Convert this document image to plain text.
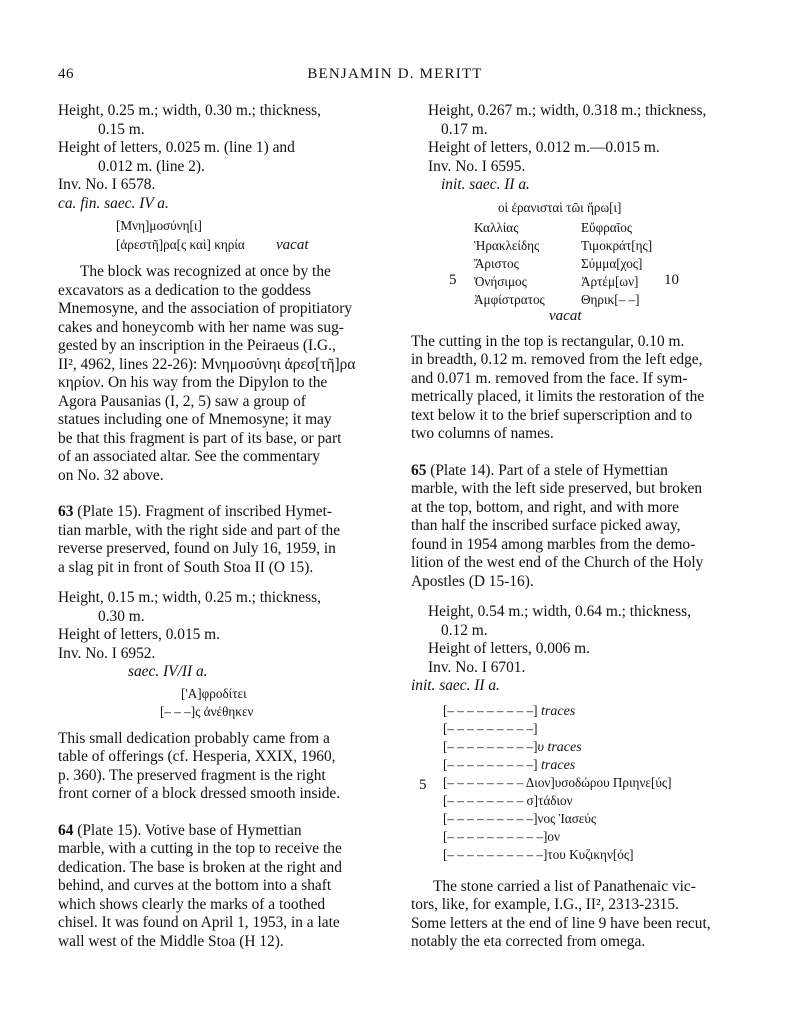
46	BENJAMIN D. MERITT

Height, 0.25 m.; width, 0.30 m.; thickness,

0.15 m.

Height of letters, 0.025 m. (line 1) and

0.012 m. (line 2).

Inv. No. I 6578.

ca. fin. saec. IV a.

[Μνη]μοσύνη[ι]
[ἀρεστῆ]ρα[ς καὶ] κηρία vacat

The block was recognized at once by the

excavators as a dedication to the goddess

Mnemosyne, and the association of propitiatory

cakes and honeycomb with her name was sug-

gested by an inscription in the Peiraeus (I.G.,

II², 4962, lines 22-26): Μνημοσύνηι ἀρεσ[τῆ]ρα

κηρίον. On his way from the Dipylon to the

Agora Pausanias (I, 2, 5) saw a group of

statues including one of Mnemosyne; it may

be that this fragment is part of its base, or part

of an associated altar. See the commentary

on No. 32 above.

63 (Plate 15). Fragment of inscribed Hymet-

tian marble, with the right side and part of the

reverse preserved, found on July 16, 1959, in

a slag pit in front of South Stoa II (O 15).

Height, 0.15 m.; width, 0.25 m.; thickness,

0.30 m.

Height of letters, 0.015 m.

Inv. No. I 6952.

saec. IV/II a.

['Α]φροδίτει
[– – –]ς ἀνέθηκεν

This small dedication probably came from a

table of offerings (cf. Hesperia, XXIX, 1960,

p. 360). The preserved fragment is the right

front corner of a block dressed smooth inside.

64 (Plate 15). Votive base of Hymettian

marble, with a cutting in the top to receive the

dedication. The base is broken at the right and

behind, and curves at the bottom into a shaft

which shows clearly the marks of a toothed

chisel. It was found on April 1, 1953, in a late

wall west of the Middle Stoa (H 12).

Height, 0.267 m.; width, 0.318 m.; thickness,

0.17 m.

Height of letters, 0.012 m.—0.015 m.

Inv. No. I 6595.

init. saec. II a.

οἱ ἐρανισταὶ τῶι ἥρω[ι]
Καλλίας
Ἡρακλείδης
Ἄριστος
Ὀνήσιμος
Ἀμφίστρατος
Εὔφραῖος
Τιμοκράτ[ης]
Σύμμα[χος]
Ἀρτέμ[ων]
Θηρικ[– –]
5	10
vacat

The cutting in the top is rectangular, 0.10 m.

in breadth, 0.12 m. removed from the left edge,

and 0.071 m. removed from the face. If sym-

metrically placed, it limits the restoration of the

text below it to the brief superscription and to

two columns of names.

65 (Plate 14). Part of a stele of Hymettian

marble, with the left side preserved, but broken

at the top, bottom, and right, and with more

than half the inscribed surface picked away,

found in 1954 among marbles from the demo-

lition of the west end of the Church of the Holy

Apostles (D 15-16).

Height, 0.54 m.; width, 0.64 m.; thickness,

0.12 m.

Height of letters, 0.006 m.

Inv. No. I 6701.

init. saec. II a.

5
[– – – – – – – – –] traces
[– – – – – – – – –]
[– – – – – – – – –]υ traces
[– – – – – – – – –] traces
[– – – – – – – – Διον]υσοδώρου Πριηνε[ύς]
[– – – – – – – – σ]τάδιον
[– – – – – – – – –]νος Ἰασεύς
[– – – – – – – – – –]ον
[– – – – – – – – – –]του Κυζικην[ός]

The stone carried a list of Panathenaic vic-

tors, like, for example, I.G., II², 2313-2315.

Some letters at the end of line 9 have been recut,

notably the eta corrected from omega.
